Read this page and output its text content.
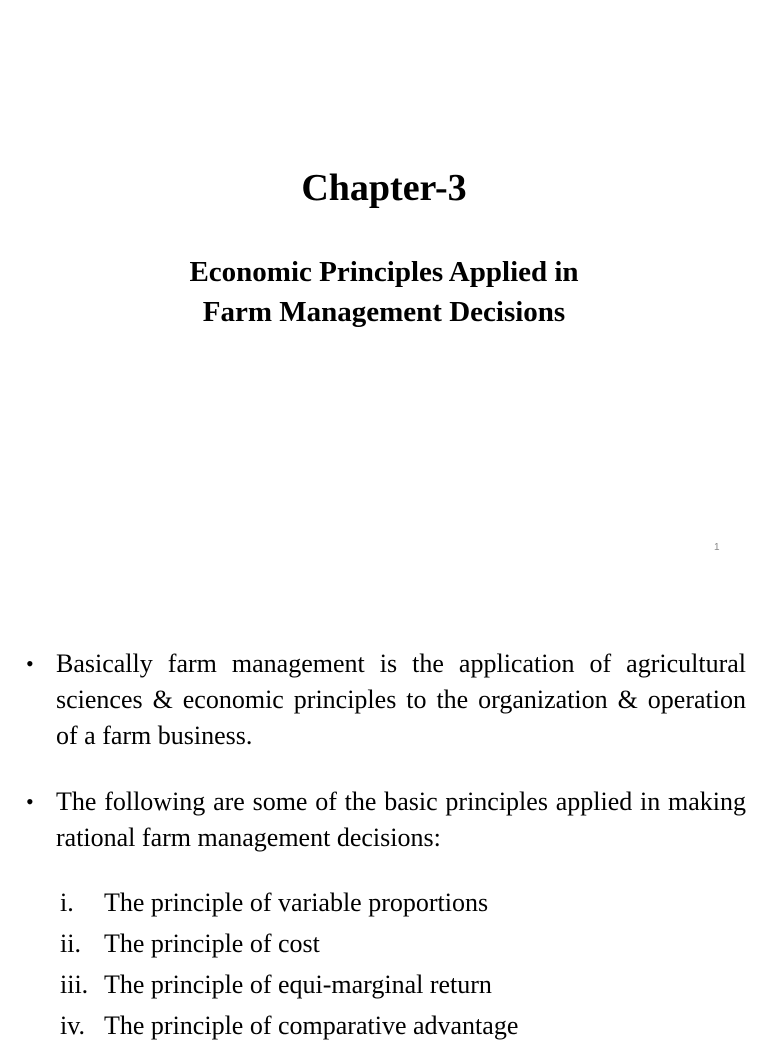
Chapter-3
Economic Principles Applied in
Farm Management Decisions
1
• Basically farm management is the application of agricultural sciences & economic principles to the organization & operation of a farm business.
• The following are some of the basic principles applied in making rational farm management decisions:
i. The principle of variable proportions
ii. The principle of cost
iii. The principle of equi-marginal return
iv. The principle of comparative advantage
